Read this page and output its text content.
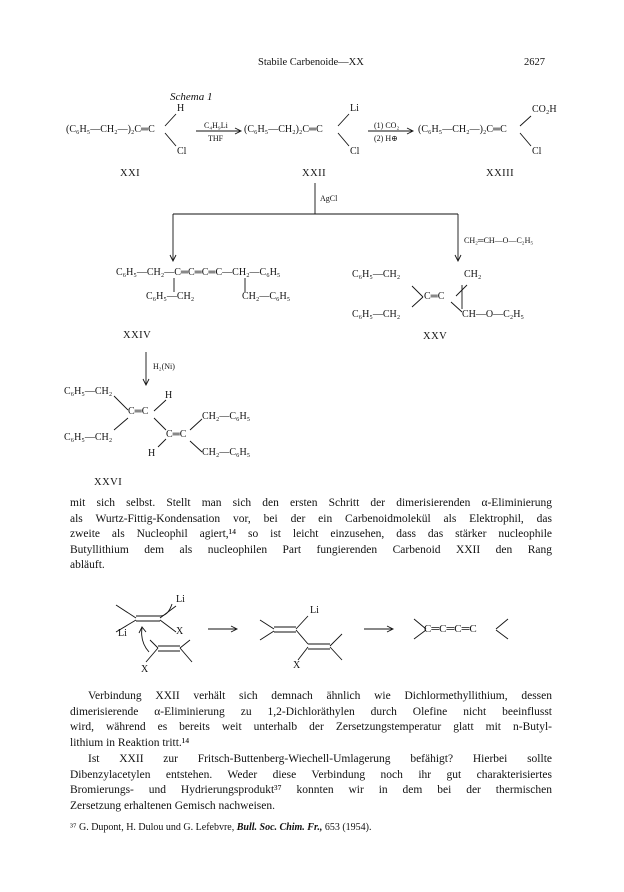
Stabile Carbenoide—XX	2627
Schema 1
H
(C₆H₅—CH₂—)₂C═C
Cl
XXI
C₄H₉Li
THF
Li
(C₆H₅—CH₂)₂C═C
Cl
XXII
(1) CO₂
(2) H⊕
CO₂H
(C₆H₅—CH₂—)₂C═C
Cl
XXIII
AgCl
CH₂═CH—O—C₂H₅
C₆H₅—CH₂—C═C═C═C—CH₂—C₆H₅
C₆H₅—CH₂	CH₂—C₆H₅
XXIV
C₆H₅—CH₂	CH₂
C═C
C₆H₅—CH₂	CH—O—C₂H₅
XXV
H₂(Ni)
C₆H₅—CH₂	H
C═C	CH₂—C₆H₅
C₆H₅—CH₂	C═C
H	CH₂—C₆H₅
XXVI
mit sich selbst. Stellt man sich den ersten Schritt der dimerisierenden α-Eliminierung
als Wurtz-Fittig-Kondensation vor, bei der ein Carbenoidmolekül als Elektrophil, das
zweite als Nucleophil agiert,¹⁴ so ist leicht einzusehen, dass das stärker nucleophile
Butyllithium dem als nucleophilen Part fungierenden Carbenoid XXII den Rang
abläuft.
Li
Li	X
X
Li
X
C═C═C═C
Verbindung XXII verhält sich demnach ähnlich wie Dichlormethyllithium, dessen
dimerisierende α-Eliminierung zu 1,2-Dichloräthylen durch Olefine nicht beeinflusst
wird, während es bereits weit unterhalb der Zersetzungstemperatur glatt mit n-Butyl-
lithium in Reaktion tritt.¹⁴
Ist XXII zur Fritsch-Buttenberg-Wiechell-Umlagerung befähigt? Hierbei sollte
Dibenzylacetylen entstehen. Weder diese Verbindung noch ihr gut charakterisiertes
Bromierungs- und Hydrierungsprodukt³⁷ konnten wir in dem bei der thermischen
Zersetzung erhaltenen Gemisch nachweisen.
³⁷ G. Dupont, H. Dulou und G. Lefebvre, Bull. Soc. Chim. Fr., 653 (1954).
